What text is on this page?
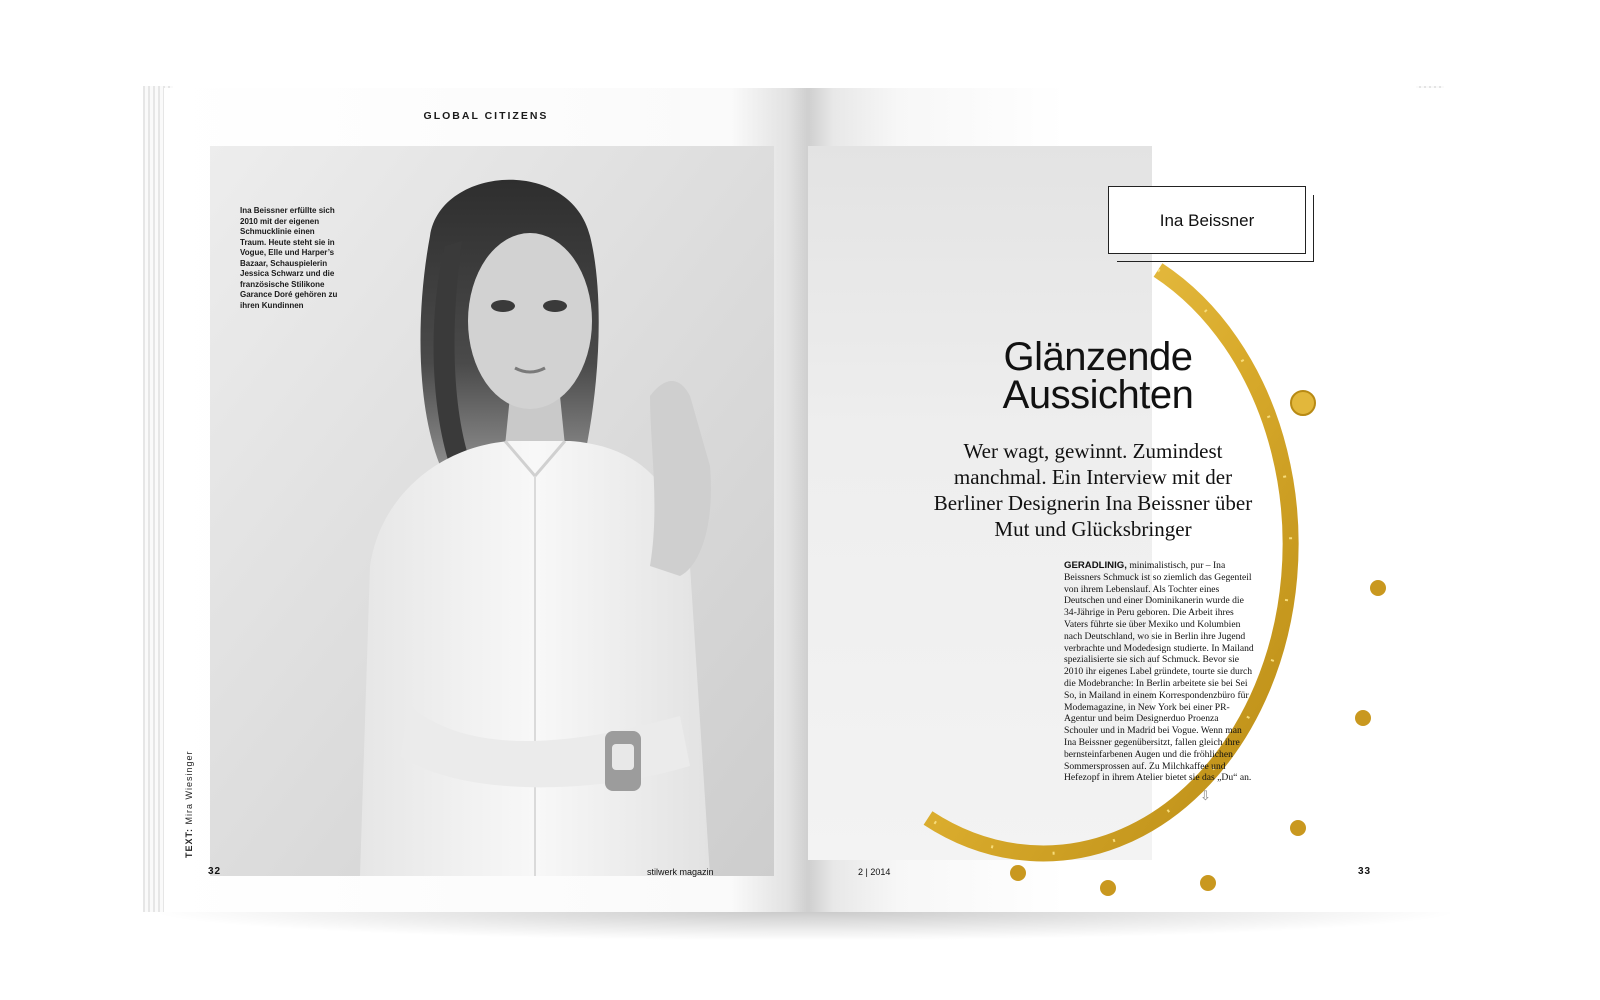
GLOBAL CITIZENS
Ina Beissner erfüllte sich 2010 mit der eigenen Schmucklinie einen Traum. Heute steht sie in Vogue, Elle und Harper’s Bazaar, Schauspielerin Jessica Schwarz und die französische Stilikone Garance Doré gehören zu ihren Kundinnen
TEXT: Mira Wiesinger
32	stilwerk magazin
Ina Beissner
Glänzende
Aussichten
Wer wagt, gewinnt. Zumindest manchmal. Ein Interview mit der Berliner Designerin Ina Beissner über Mut und Glücksbringer
GERADLINIG, minimalistisch, pur – Ina Beissners Schmuck ist so ziemlich das Gegenteil von ihrem Lebenslauf. Als Tochter eines Deutschen und einer Dominikanerin wurde die 34-Jährige in Peru geboren. Die Arbeit ihres Vaters führte sie über Mexiko und Kolumbien nach Deutschland, wo sie in Berlin ihre Jugend verbrachte und Modedesign studierte. In Mailand spezialisierte sie sich auf Schmuck. Bevor sie 2010 ihr eigenes Label gründete, tourte sie durch die Modebranche: In Berlin arbeitete sie bei Sei So, in Mailand in einem Korrespondenzbüro für Modemagazine, in New York bei einer PR-Agentur und beim Designerduo Proenza Schouler und in Madrid bei Vogue. Wenn man Ina Beissner gegenübersitzt, fallen gleich ihre bernsteinfarbenen Augen und die fröhlichen Sommersprossen auf. Zu Milchkaffee und Hefezopf in ihrem Atelier bietet sie das „Du“ an.
⇩
2 | 2014	33
